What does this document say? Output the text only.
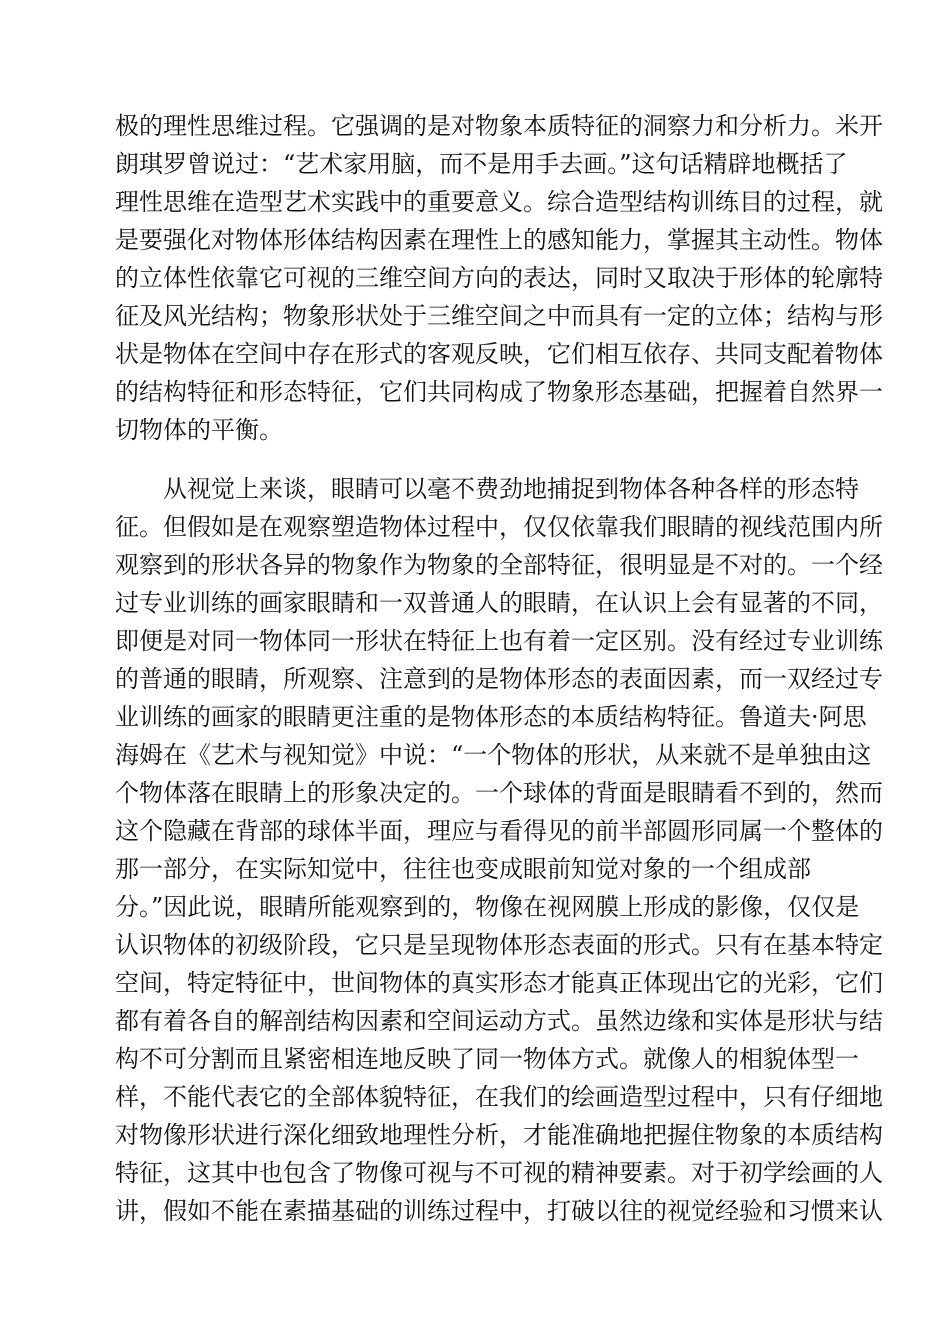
极的理性思维过程。它强调的是对物象本质特征的洞察力和分析力。米开
朗琪罗曾说过：“艺术家用脑，而不是用手去画。”这句话精辟地概括了
理性思维在造型艺术实践中的重要意义。综合造型结构训练目的过程，就
是要强化对物体形体结构因素在理性上的感知能力，掌握其主动性。物体
的立体性依靠它可视的三维空间方向的表达，同时又取决于形体的轮廓特
征及风光结构；物象形状处于三维空间之中而具有一定的立体；结构与形
状是物体在空间中存在形式的客观反映，它们相互依存、共同支配着物体
的结构特征和形态特征，它们共同构成了物象形态基础，把握着自然界一
切物体的平衡。
从视觉上来谈，眼睛可以毫不费劲地捕捉到物体各种各样的形态特
征。但假如是在观察塑造物体过程中，仅仅依靠我们眼睛的视线范围内所
观察到的形状各异的物象作为物象的全部特征，很明显是不对的。一个经
过专业训练的画家眼睛和一双普通人的眼睛，在认识上会有显著的不同，
即便是对同一物体同一形状在特征上也有着一定区别。没有经过专业训练
的普通的眼睛，所观察、注意到的是物体形态的表面因素，而一双经过专
业训练的画家的眼睛更注重的是物体形态的本质结构特征。鲁道夫·阿思
海姆在《艺术与视知觉》中说：“一个物体的形状，从来就不是单独由这
个物体落在眼睛上的形象决定的。一个球体的背面是眼睛看不到的，然而
这个隐藏在背部的球体半面，理应与看得见的前半部圆形同属一个整体的
那一部分，在实际知觉中，往往也变成眼前知觉对象的一个组成部
分。”因此说，眼睛所能观察到的，物像在视网膜上形成的影像，仅仅是
认识物体的初级阶段，它只是呈现物体形态表面的形式。只有在基本特定
空间，特定特征中，世间物体的真实形态才能真正体现出它的光彩，它们
都有着各自的解剖结构因素和空间运动方式。虽然边缘和实体是形状与结
构不可分割而且紧密相连地反映了同一物体方式。就像人的相貌体型一
样，不能代表它的全部体貌特征，在我们的绘画造型过程中，只有仔细地
对物像形状进行深化细致地理性分析，才能准确地把握住物象的本质结构
特征，这其中也包含了物像可视与不可视的精神要素。对于初学绘画的人
讲，假如不能在素描基础的训练过程中，打破以往的视觉经验和习惯来认
